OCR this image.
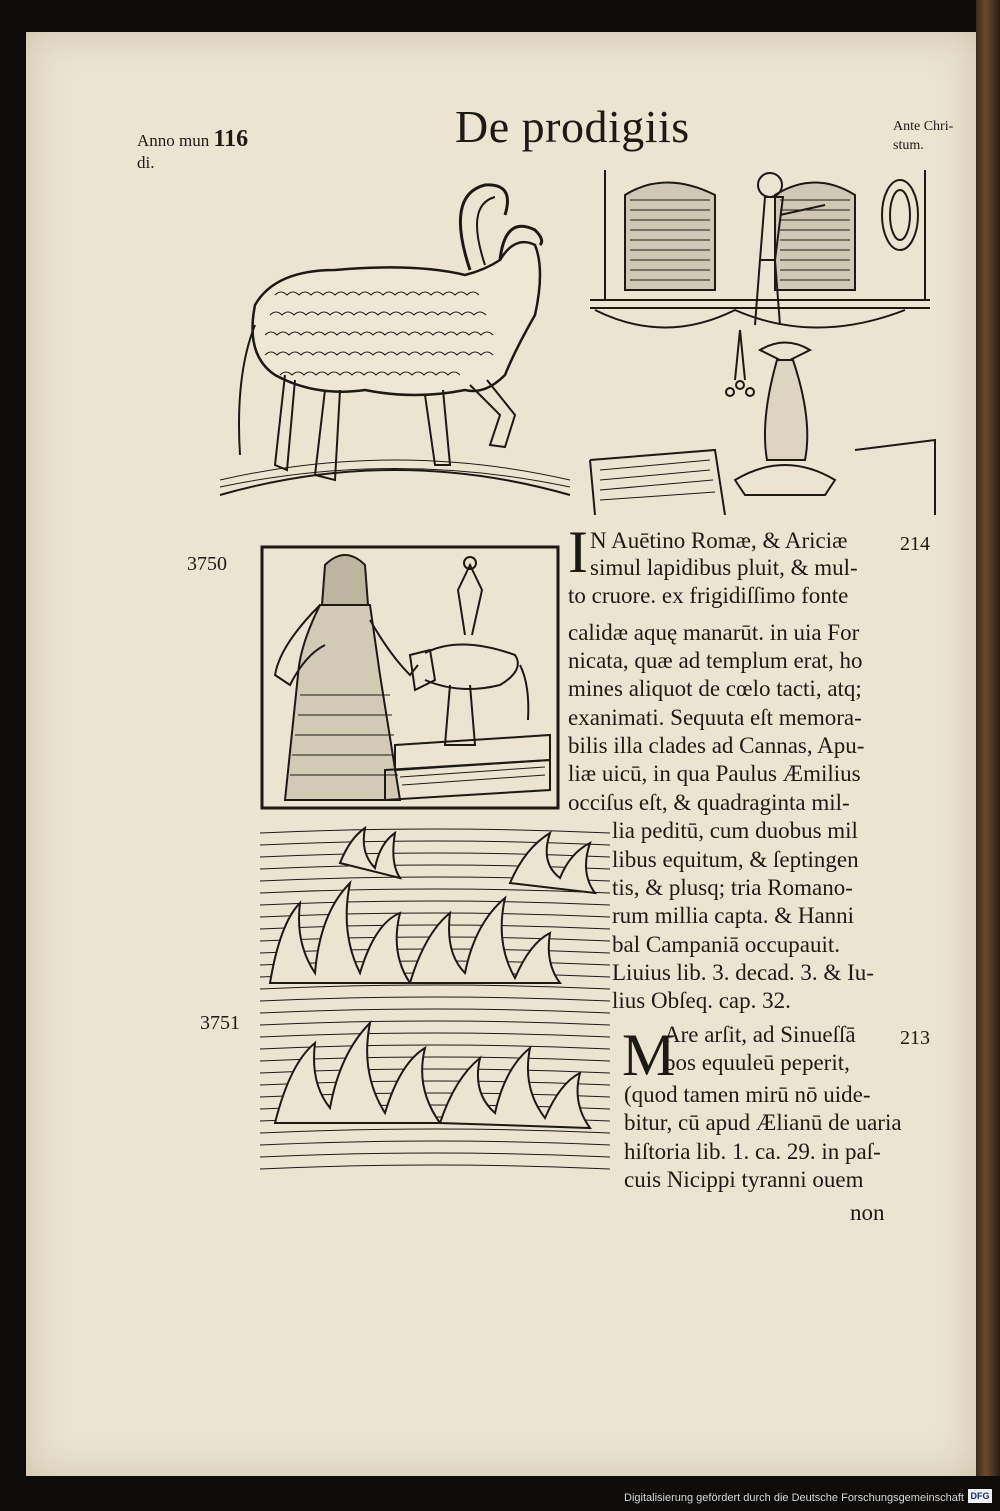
Anno mun 116
di.
De prodigiis	Ante Chri-
stum.
3750
214
3751
213
I N Auētino Romæ, & Ariciæ
simul lapidibus pluit, & mul-
to cruore. ex frigidiſſimo fonte
calidæ aquę manarūt. in uia For
nicata, quæ ad templum erat, ho
mines aliquot de cœlo tacti, atq;
exanimati. Sequuta eſt memora-
bilis illa clades ad Cannas, Apu-
liæ uicū, in qua Paulus Æmilius
occiſus eſt, & quadraginta mil-
lia peditū, cum duobus mil
libus equitum, & ſeptingen
tis, & plusq; tria Romano-
rum millia capta. & Hanni
bal Campaniā occupauit.
Liuius lib. 3. decad. 3. & Iu-
lius Obſeq. cap. 32.
M
Are arſit, ad Sinueſſā
bos equuleū peperit,
(quod tamen mirū nō uide-
bitur, cū apud Ælianū de uaria
hiſtoria lib. 1. ca. 29. in paſ-
cuis Nicippi tyranni ouem
non
Digitalisierung gefördert durch die Deutsche Forschungsgemeinschaft DFG
